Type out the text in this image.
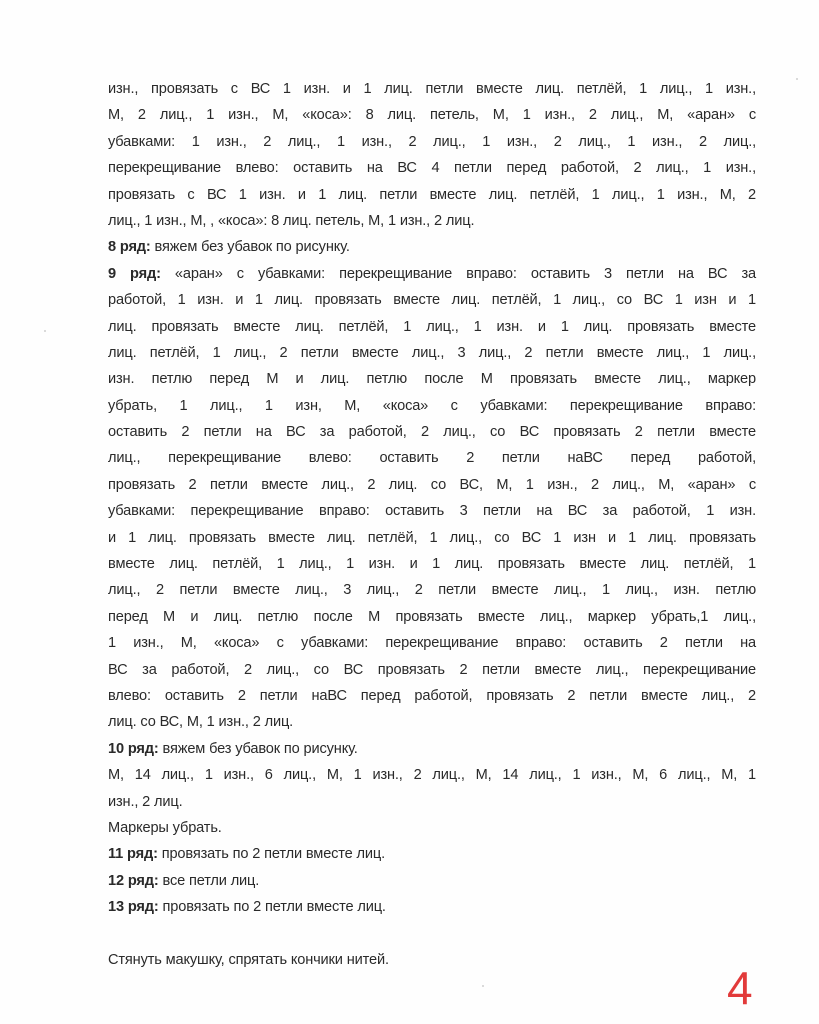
изн., провязать с ВС 1 изн. и 1 лиц. петли вместе лиц. петлёй, 1 лиц., 1 изн.,
М, 2 лиц., 1 изн., М, «коса»: 8 лиц. петель, М, 1 изн., 2 лиц., М, «аран» с
убавками: 1 изн., 2 лиц., 1 изн., 2 лиц., 1 изн., 2 лиц., 1 изн., 2 лиц.,
перекрещивание влево: оставить на ВС 4 петли перед работой, 2 лиц., 1 изн.,
провязать с ВС 1 изн. и 1 лиц. петли вместе лиц. петлёй, 1 лиц., 1 изн., М, 2
лиц., 1 изн., М, , «коса»: 8 лиц. петель, М, 1 изн., 2 лиц.
8 ряд: вяжем без убавок по рисунку.
9 ряд: «аран» с убавками: перекрещивание вправо: оставить 3 петли на ВС за
работой, 1 изн. и 1 лиц. провязать вместе лиц. петлёй, 1 лиц., со ВС 1 изн и 1
лиц. провязать вместе лиц. петлёй, 1 лиц., 1 изн. и 1 лиц. провязать вместе
лиц. петлёй, 1 лиц., 2 петли вместе лиц., 3 лиц., 2 петли вместе лиц., 1 лиц.,
изн. петлю перед М и лиц. петлю после М провязать вместе лиц., маркер
убрать, 1 лиц., 1 изн, М, «коса» с убавками: перекрещивание вправо:
оставить 2 петли на ВС за работой, 2 лиц., со ВС провязать 2 петли вместе
лиц., перекрещивание влево: оставить 2 петли наВС перед работой,
провязать 2 петли вместе лиц., 2 лиц. со ВС, М, 1 изн., 2 лиц., М, «аран» с
убавками: перекрещивание вправо: оставить 3 петли на ВС за работой, 1 изн.
и 1 лиц. провязать вместе лиц. петлёй, 1 лиц., со ВС 1 изн и 1 лиц. провязать
вместе лиц. петлёй, 1 лиц., 1 изн. и 1 лиц. провязать вместе лиц. петлёй, 1
лиц., 2 петли вместе лиц., 3 лиц., 2 петли вместе лиц., 1 лиц., изн. петлю
перед М и лиц. петлю после М провязать вместе лиц., маркер убрать,1 лиц.,
1 изн., М, «коса» с убавками: перекрещивание вправо: оставить 2 петли на
ВС за работой, 2 лиц., со ВС провязать 2 петли вместе лиц., перекрещивание
влево: оставить 2 петли наВС перед работой, провязать 2 петли вместе лиц., 2
лиц. со ВС, М, 1 изн., 2 лиц.
10 ряд: вяжем без убавок по рисунку.
М, 14 лиц., 1 изн., 6 лиц., М, 1 изн., 2 лиц., М, 14 лиц., 1 изн., М, 6 лиц., М, 1
изн., 2 лиц.
Маркеры убрать.
11 ряд: провязать по 2 петли вместе лиц.
12 ряд: все петли лиц.
13 ряд: провязать по 2 петли вместе лиц.
Стянуть макушку, спрятать кончики нитей.
4
